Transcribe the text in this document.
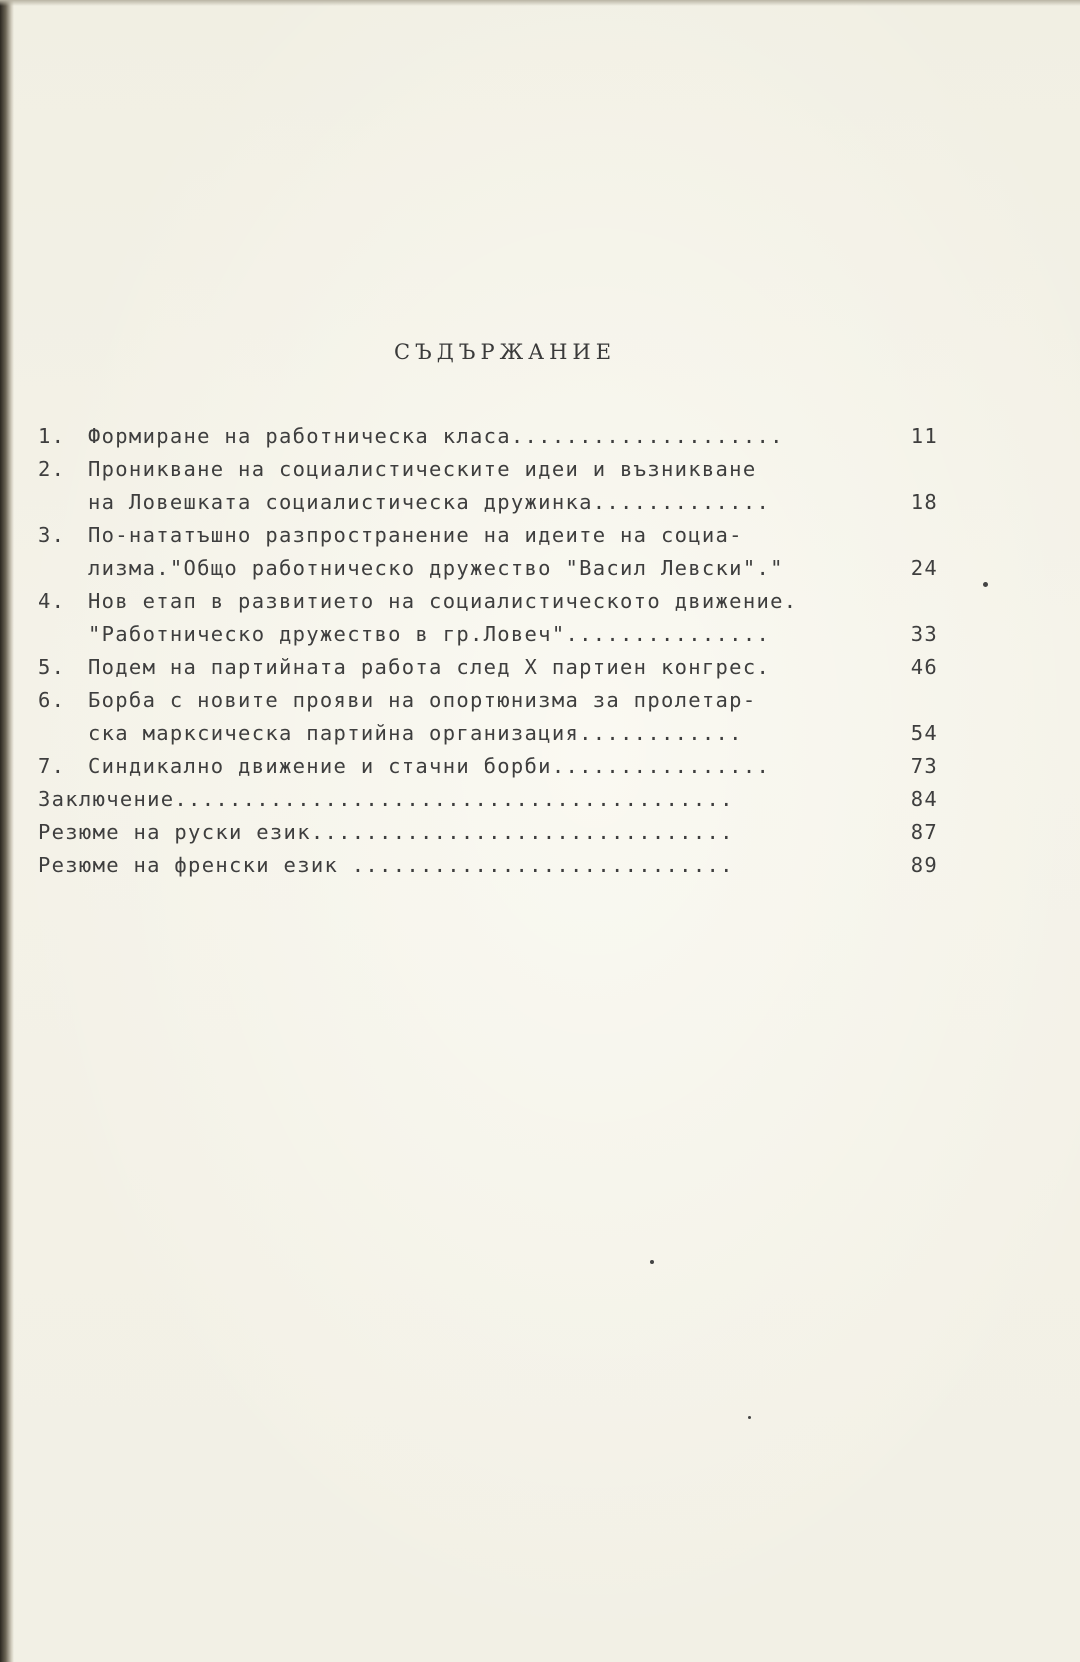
СЪДЪРЖАНИЕ
1.	Формиране на работническа класа....................	11
2.	Проникване на социалистическите идеи и възникване
на Ловешката социалистическа дружинка.............	18
3.	По-нататъшно разпространение на идеите на социа-
лизма."Общо работническо дружество "Васил Левски"."	24
4.	Нов етап в развитието на социалистическото движение.
"Работническо дружество в гр.Ловеч"...............	33
5.	Подем на партийната работа след X партиен конгрес.	46
6.	Борба с новите прояви на опортюнизма за пролетар-
ска марксическа партийна организация............	54
7.	Синдикално движение и стачни борби................	73
Заключение.........................................	84
Резюме на руски език...............................	87
Резюме на френски език ............................	89
